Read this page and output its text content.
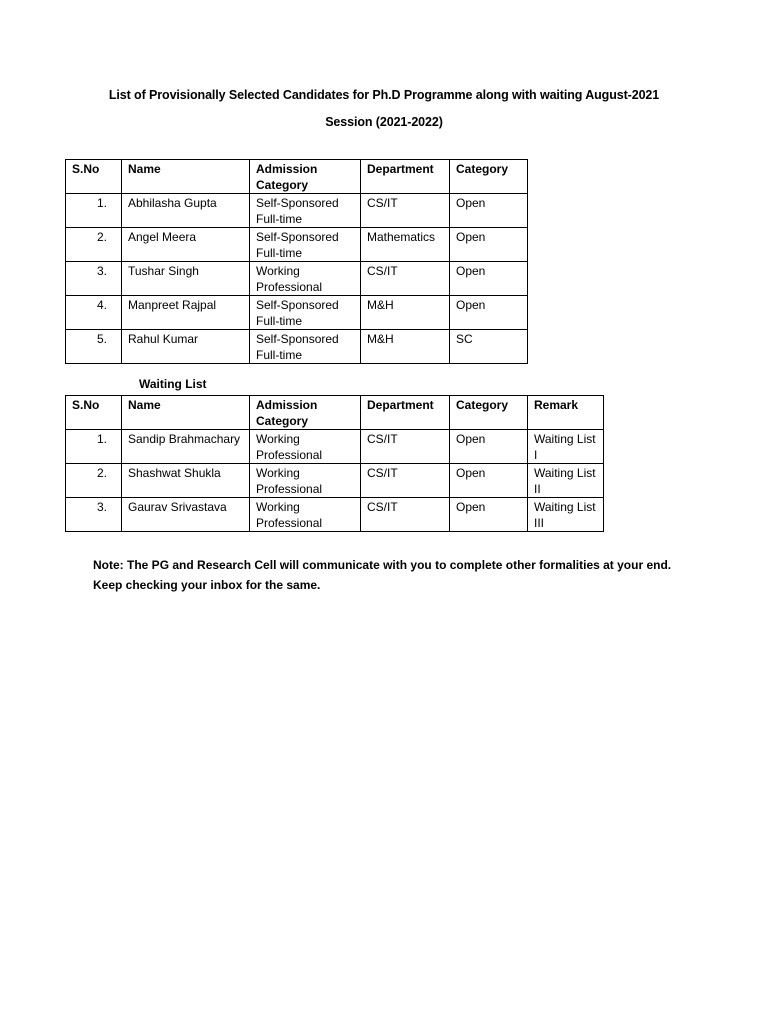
List of Provisionally Selected Candidates for Ph.D Programme along with waiting August-2021
Session (2021-2022)
S.No	Name	Admission Category	Department	Category
1.	Abhilasha Gupta	Self-Sponsored Full-time	CS/IT	Open
2.	Angel Meera	Self-Sponsored Full-time	Mathematics	Open
3.	Tushar Singh	Working Professional	CS/IT	Open
4.	Manpreet Rajpal	Self-Sponsored Full-time	M&H	Open
5.	Rahul Kumar	Self-Sponsored Full-time	M&H	SC
Waiting List
S.No	Name	Admission Category	Department	Category	Remark
1.	Sandip Brahmachary	Working Professional	CS/IT	Open	Waiting List I
2.	Shashwat Shukla	Working Professional	CS/IT	Open	Waiting List II
3.	Gaurav Srivastava	Working Professional	CS/IT	Open	Waiting List III
Note: The PG and Research Cell will communicate with you to complete other formalities at your end. Keep checking your inbox for the same.
